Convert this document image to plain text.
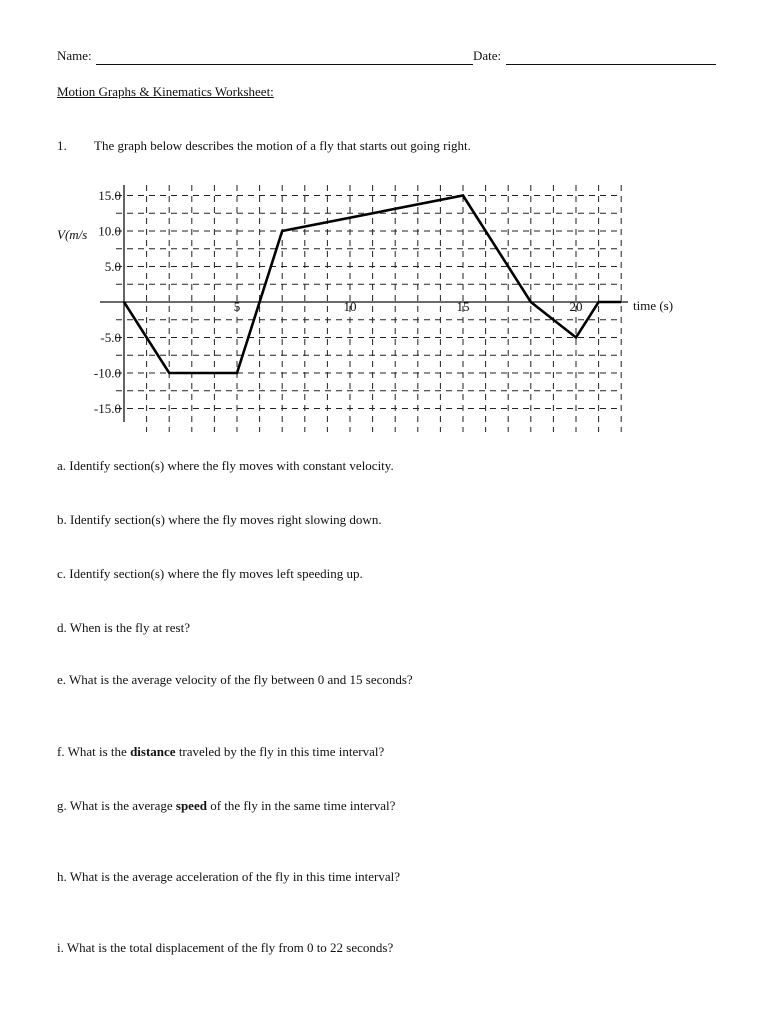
Name:	Date:
Motion Graphs & Kinematics Worksheet:
1. The graph below describes the motion of a fly that starts out going right.
5	10	15	20
15.0
10.0
5.0
-5.0
-10.0
-15.0
V(m/s
time (s)
a. Identify section(s) where the fly moves with constant velocity.
b. Identify section(s) where the fly moves right slowing down.
c. Identify section(s) where the fly moves left speeding up.
d. When is the fly at rest?
e. What is the average velocity of the fly between 0 and 15 seconds?
f. What is the distance traveled by the fly in this time interval?
g. What is the average speed of the fly in the same time interval?
h. What is the average acceleration of the fly in this time interval?
i. What is the total displacement of the fly from 0 to 22 seconds?
